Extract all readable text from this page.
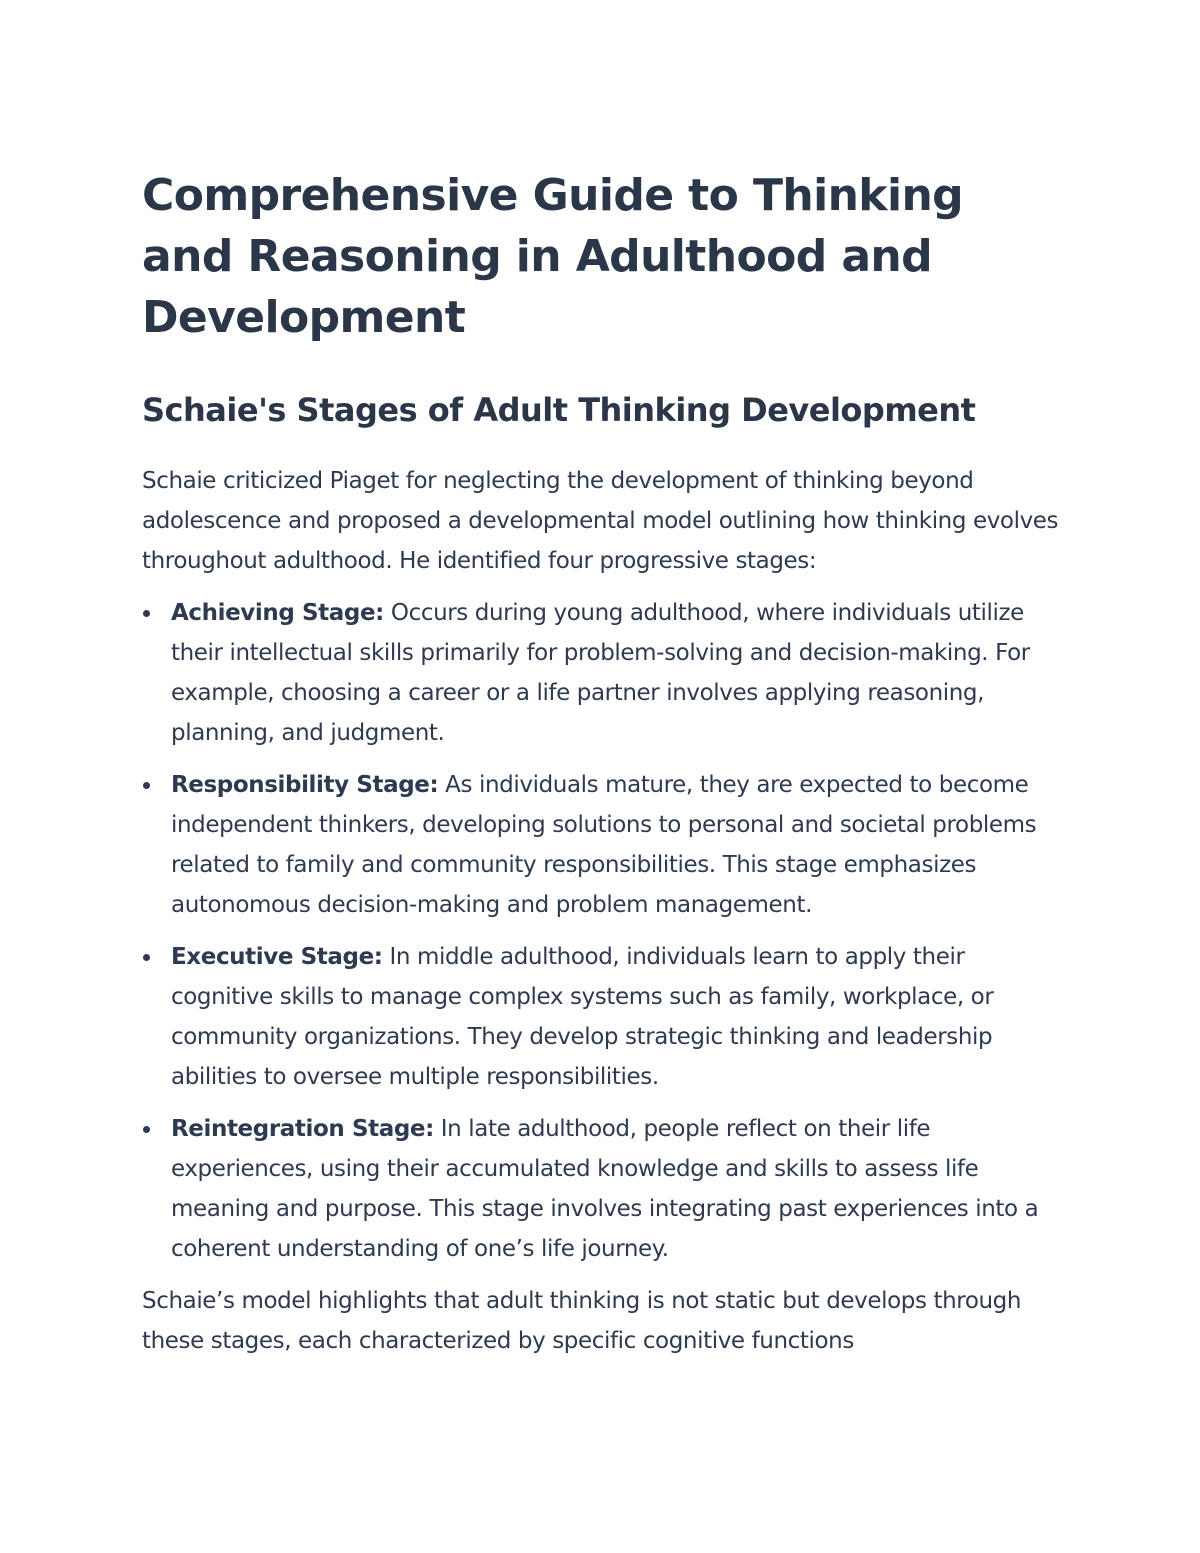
Comprehensive Guide to Thinking and Reasoning in Adulthood and Development
Schaie's Stages of Adult Thinking Development

Schaie criticized Piaget for neglecting the development of thinking beyond adolescence and proposed a developmental model outlining how thinking evolves throughout adulthood. He identified four progressive stages:

Achieving Stage: Occurs during young adulthood, where individuals utilize their intellectual skills primarily for problem-solving and decision-making. For example, choosing a career or a life partner involves applying reasoning, planning, and judgment.
Responsibility Stage: As individuals mature, they are expected to become independent thinkers, developing solutions to personal and societal problems related to family and community responsibilities. This stage emphasizes autonomous decision-making and problem management.
Executive Stage: In middle adulthood, individuals learn to apply their cognitive skills to manage complex systems such as family, workplace, or community organizations. They develop strategic thinking and leadership abilities to oversee multiple responsibilities.
Reintegration Stage: In late adulthood, people reflect on their life experiences, using their accumulated knowledge and skills to assess life meaning and purpose. This stage involves integrating past experiences into a coherent understanding of one’s life journey.

Schaie’s model highlights that adult thinking is not static but develops through these stages, each characterized by specific cognitive functions
